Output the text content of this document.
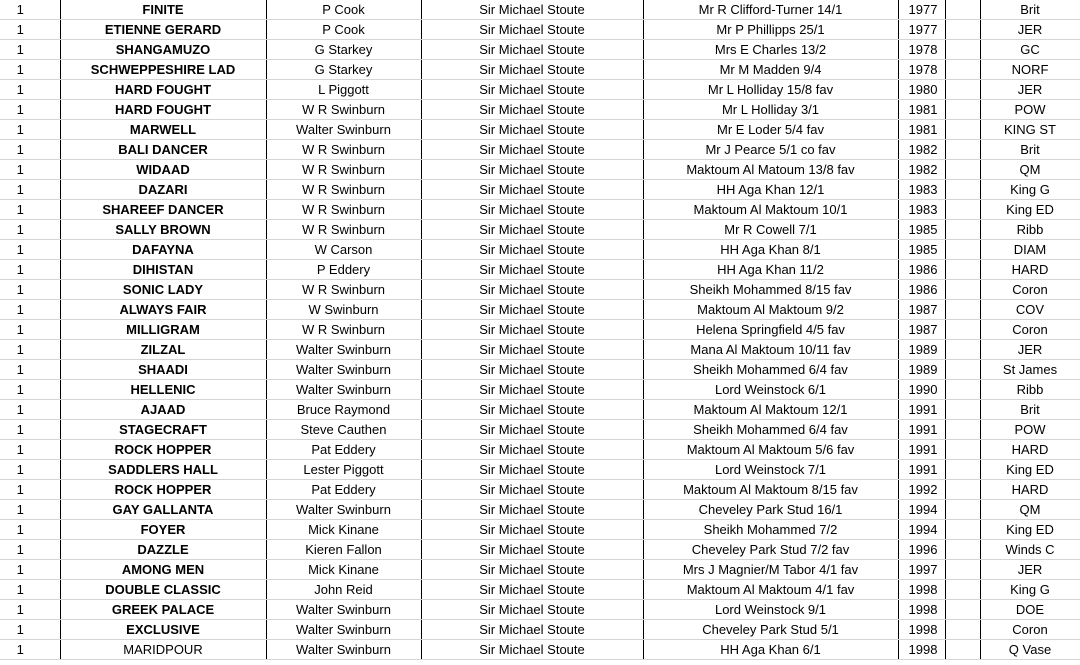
1	FINITE	P Cook	Sir Michael Stoute	Mr R Clifford-Turner 14/1	1977		Brit
1	ETIENNE GERARD	P Cook	Sir Michael Stoute	Mr P Phillipps 25/1	1977		JER
1	SHANGAMUZO	G Starkey	Sir Michael Stoute	Mrs E Charles 13/2	1978		GC
1	SCHWEPPESHIRE LAD	G Starkey	Sir Michael Stoute	Mr M Madden 9/4	1978		NORF
1	HARD FOUGHT	L Piggott	Sir Michael Stoute	Mr L Holliday 15/8 fav	1980		JER
1	HARD FOUGHT	W R Swinburn	Sir Michael Stoute	Mr L Holliday 3/1	1981		POW
1	MARWELL	Walter Swinburn	Sir Michael Stoute	Mr E Loder 5/4 fav	1981		KING ST
1	BALI DANCER	W R Swinburn	Sir Michael Stoute	Mr J Pearce 5/1 co fav	1982		Brit
1	WIDAAD	W R Swinburn	Sir Michael Stoute	Maktoum Al Matoum 13/8 fav	1982		QM
1	DAZARI	W R Swinburn	Sir Michael Stoute	HH Aga Khan 12/1	1983		King G
1	SHAREEF DANCER	W R Swinburn	Sir Michael Stoute	Maktoum Al Maktoum 10/1	1983		King ED
1	SALLY BROWN	W R Swinburn	Sir Michael Stoute	Mr R Cowell 7/1	1985		Ribb
1	DAFAYNA	W Carson	Sir Michael Stoute	HH Aga Khan 8/1	1985		DIAM
1	DIHISTAN	P Eddery	Sir Michael Stoute	HH Aga Khan 11/2	1986		HARD
1	SONIC LADY	W R Swinburn	Sir Michael Stoute	Sheikh Mohammed 8/15 fav	1986		Coron
1	ALWAYS FAIR	W Swinburn	Sir Michael Stoute	Maktoum Al Maktoum 9/2	1987		COV
1	MILLIGRAM	W R Swinburn	Sir Michael Stoute	Helena Springfield 4/5 fav	1987		Coron
1	ZILZAL	Walter Swinburn	Sir Michael Stoute	Mana Al Maktoum 10/11 fav	1989		JER
1	SHAADI	Walter Swinburn	Sir Michael Stoute	Sheikh Mohammed 6/4 fav	1989		St James
1	HELLENIC	Walter Swinburn	Sir Michael Stoute	Lord Weinstock 6/1	1990		Ribb
1	AJAAD	Bruce Raymond	Sir Michael Stoute	Maktoum Al Maktoum 12/1	1991		Brit
1	STAGECRAFT	Steve Cauthen	Sir Michael Stoute	Sheikh Mohammed 6/4 fav	1991		POW
1	ROCK HOPPER	Pat Eddery	Sir Michael Stoute	Maktoum Al Maktoum 5/6 fav	1991		HARD
1	SADDLERS HALL	Lester Piggott	Sir Michael Stoute	Lord Weinstock 7/1	1991		King ED
1	ROCK HOPPER	Pat Eddery	Sir Michael Stoute	Maktoum Al Maktoum 8/15 fav	1992		HARD
1	GAY GALLANTA	Walter Swinburn	Sir Michael Stoute	Cheveley Park Stud 16/1	1994		QM
1	FOYER	Mick Kinane	Sir Michael Stoute	Sheikh Mohammed 7/2	1994		King ED
1	DAZZLE	Kieren Fallon	Sir Michael Stoute	Cheveley Park Stud 7/2 fav	1996		Winds C
1	AMONG MEN	Mick Kinane	Sir Michael Stoute	Mrs J Magnier/M Tabor 4/1 fav	1997		JER
1	DOUBLE CLASSIC	John Reid	Sir Michael Stoute	Maktoum Al Maktoum 4/1 fav	1998		King G
1	GREEK PALACE	Walter Swinburn	Sir Michael Stoute	Lord Weinstock 9/1	1998		DOE
1	EXCLUSIVE	Walter Swinburn	Sir Michael Stoute	Cheveley Park Stud 5/1	1998		Coron
1	MARIDPOUR	Walter Swinburn	Sir Michael Stoute	HH Aga Khan 6/1	1998		Q Vase
